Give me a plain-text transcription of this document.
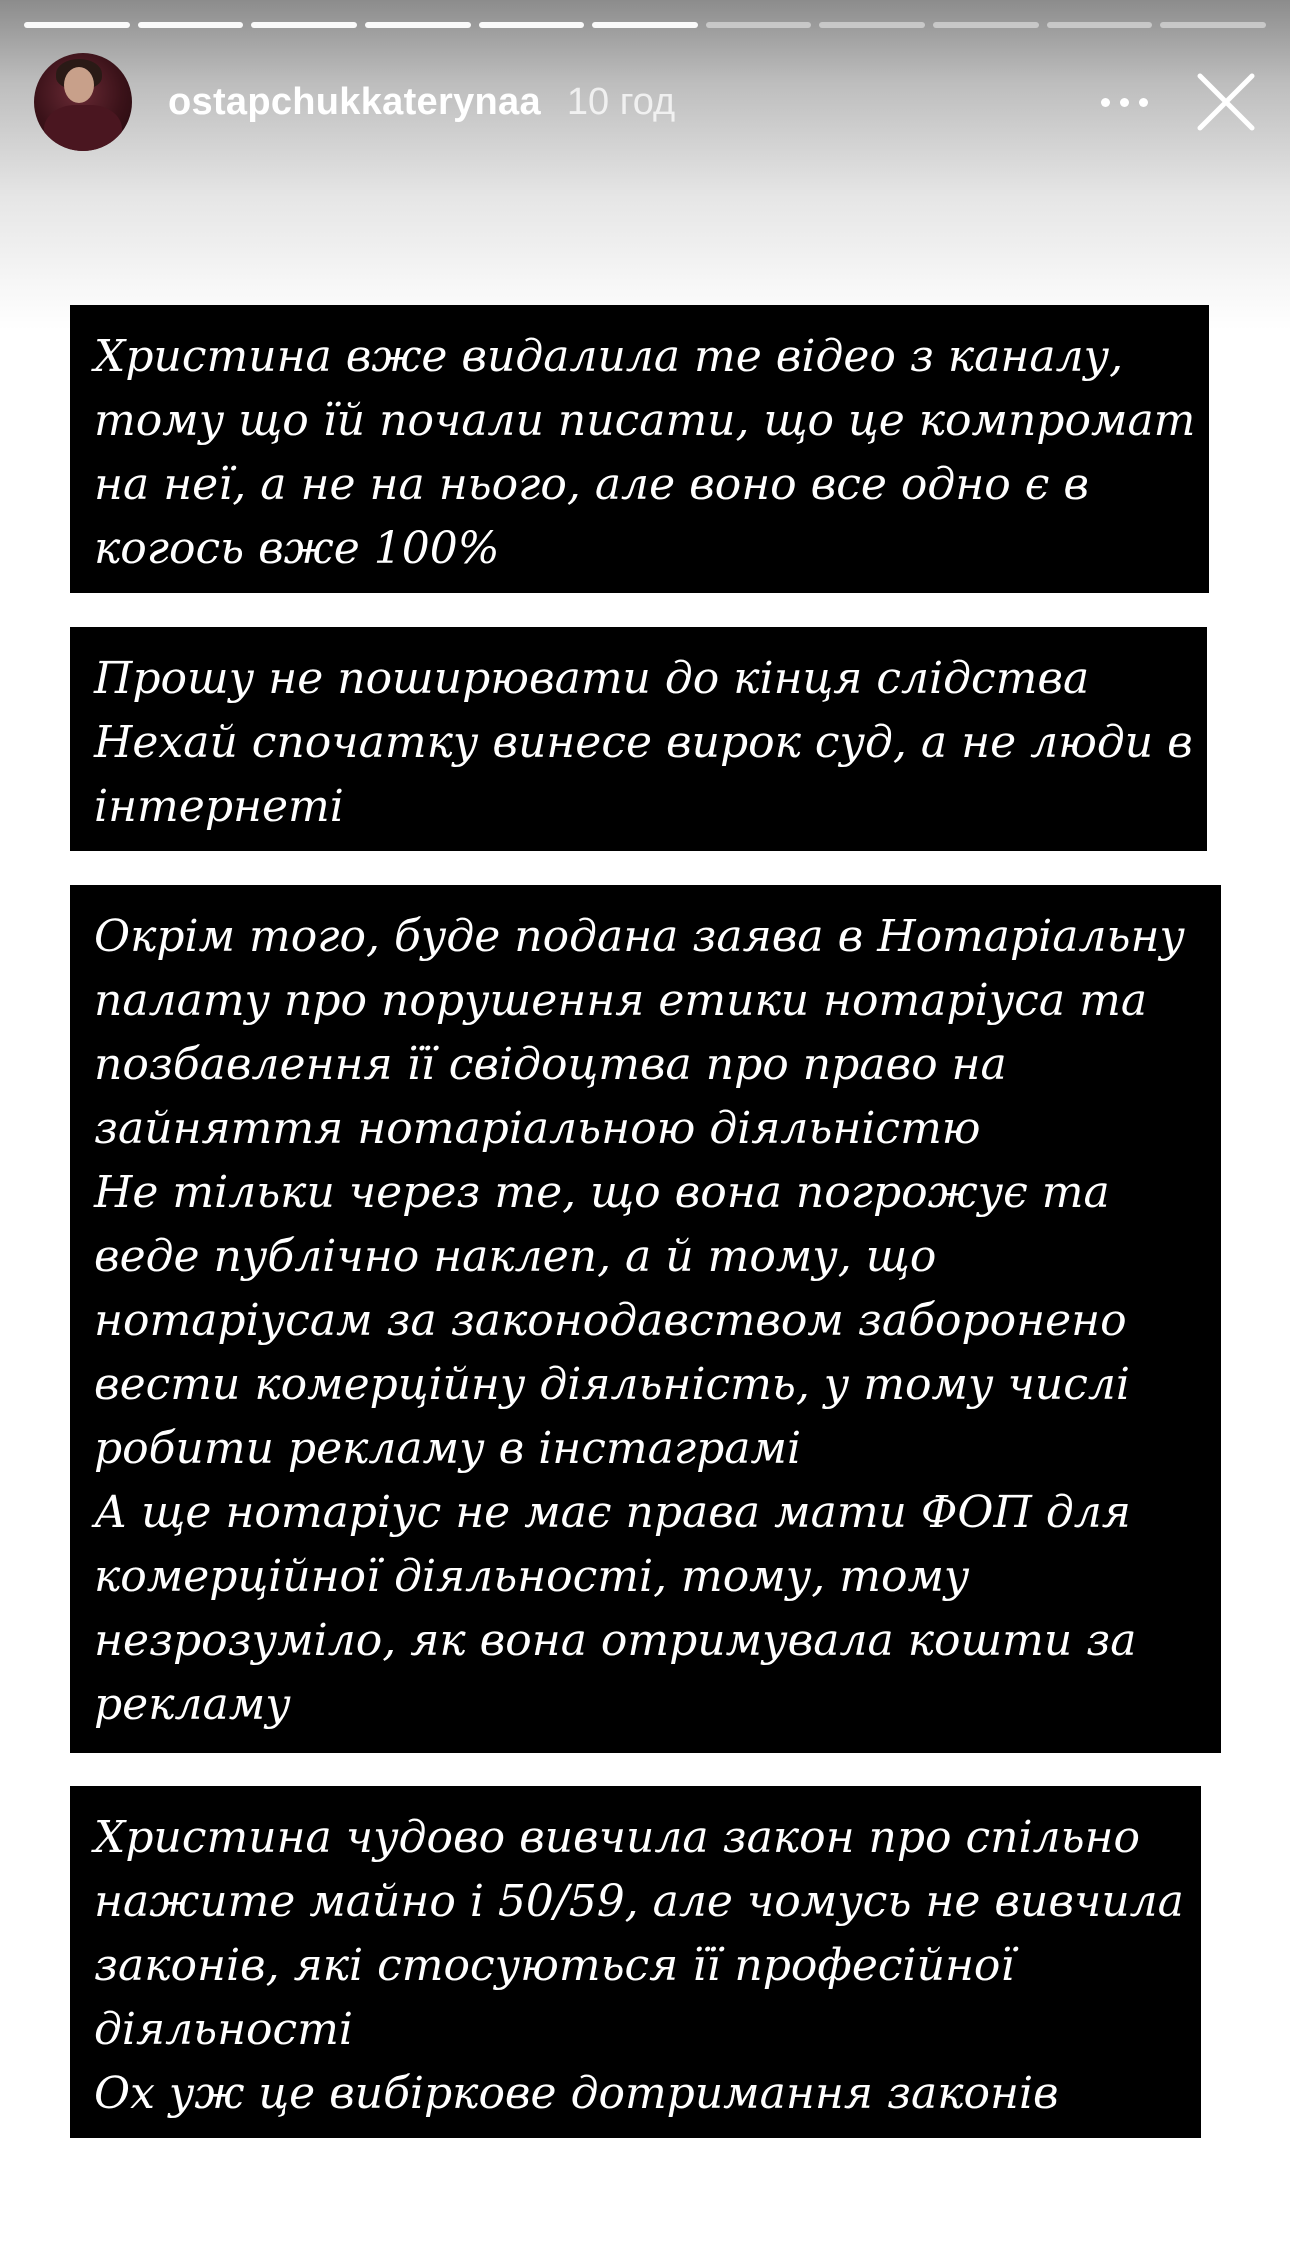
ostapchukkaterynaa 10 год
Христина вже видалила те відео з каналу,
тому що їй почали писати, що це компромат
на неї, а не на нього, але воно все одно є в
когось вже 100%
Прошу не поширювати до кінця слідства
Нехай спочатку винесе вирок суд, а не люди в
інтернеті
Окрім того, буде подана заява в Нотаріальну
палату про порушення етики нотаріуса та
позбавлення її свідоцтва про право на
зайняття нотаріальною діяльністю
Не тільки через те, що вона погрожує та
веде публічно наклеп, а й тому, що
нотаріусам за законодавством заборонено
вести комерційну діяльність, у тому числі
робити рекламу в інстаграмі
А ще нотаріус не має права мати ФОП для
комерційної діяльності, тому, тому
незрозуміло, як вона отримувала кошти за
рекламу
Христина чудово вивчила закон про спільно
нажите майно і 50/59, але чомусь не вивчила
законів, які стосуються її професійної
діяльності
Ох уж це вибіркове дотримання законів
